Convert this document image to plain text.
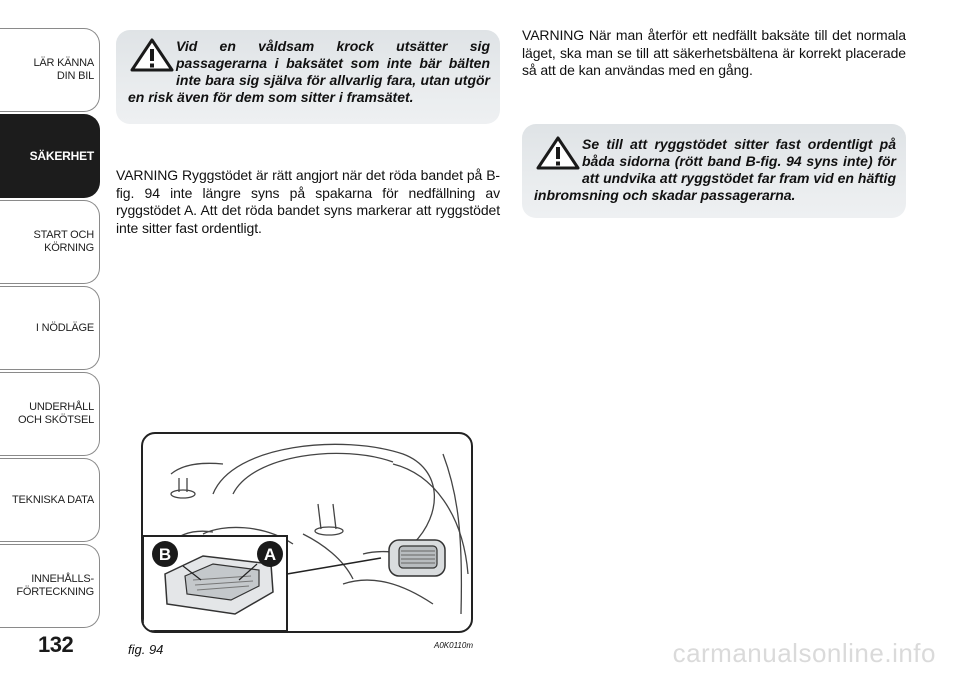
LÄR KÄNNA
DIN BIL
SÄKERHET
START OCH
KÖRNING
I NÖDLÄGE
UNDERHÅLL
OCH SKÖTSEL
TEKNISKA DATA
INNEHÅLLS-
FÖRTECKNING
132
Vid en våldsam krock utsätter sig passagerarna i baksätet som inte bär bälten inte bara sig själva för allvarlig fara, utan utgör en risk även för dem som sitter i framsätet.
VARNING Ryggstödet är rätt angjort när det röda bandet på B-fig. 94 inte längre syns på spakarna för nedfällning av ryggstödet A. Att det röda bandet syns markerar att ryggstödet inte sitter fast ordentligt.
VARNING När man återför ett nedfällt baksäte till det normala läget, ska man se till att säkerhetsbältena är korrekt placerade så att de kan användas med en gång.
Se till att ryggstödet sitter fast ordentligt på båda sidorna (rött band B-fig. 94 syns inte) för att undvika att ryggstödet far fram vid en häftig inbromsning och skadar passagerarna.
B	A
fig. 94	A0K0110m	carmanualsonline.info
